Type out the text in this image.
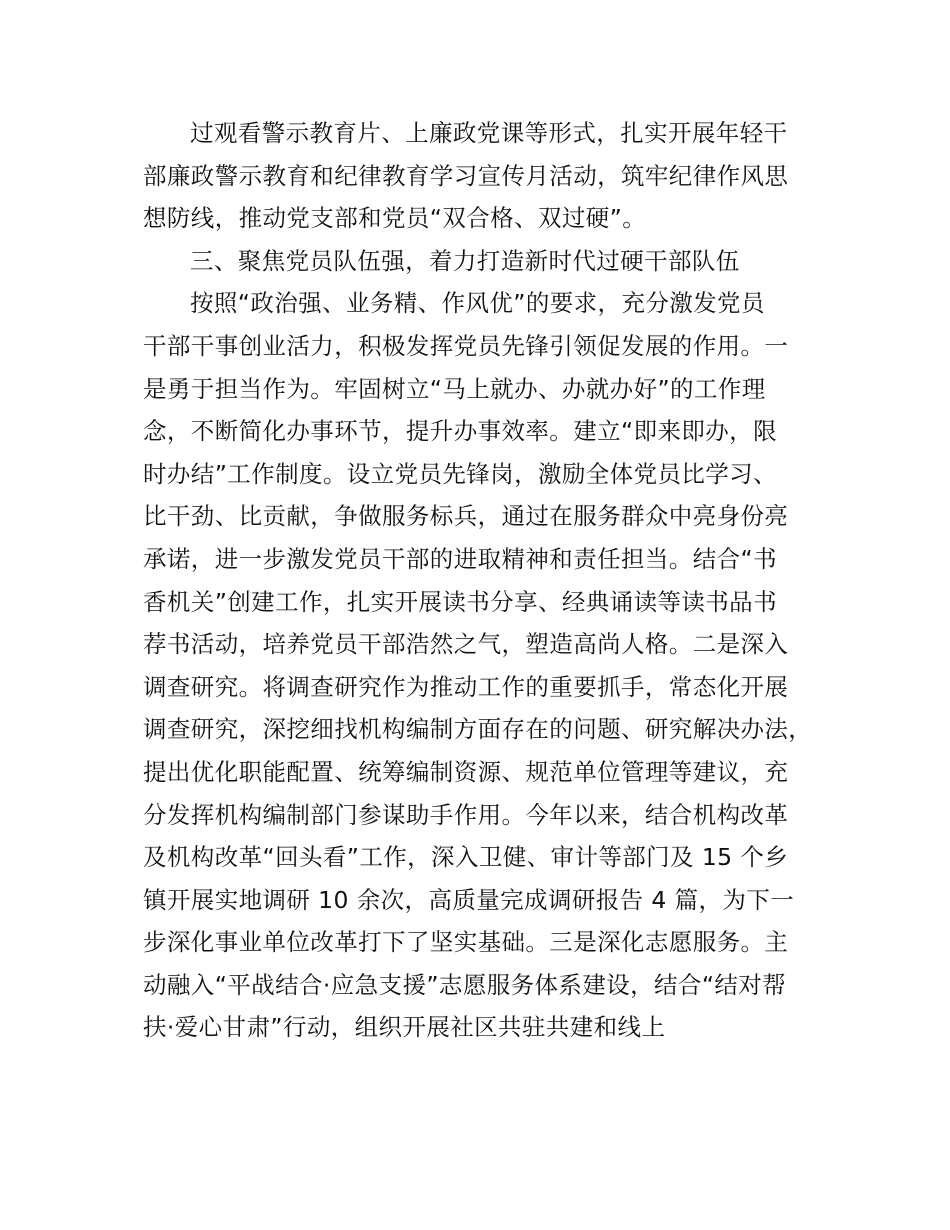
过观看警示教育片、上廉政党课等形式，扎实开展年轻干
部廉政警示教育和纪律教育学习宣传月活动，筑牢纪律作风思
想防线，推动党支部和党员“双合格、双过硬”。

三、聚焦党员队伍强，着力打造新时代过硬干部队伍

按照“政治强、业务精、作风优”的要求，充分激发党员
干部干事创业活力，积极发挥党员先锋引领促发展的作用。一
是勇于担当作为。牢固树立“马上就办、办就办好”的工作理
念，不断简化办事环节，提升办事效率。建立“即来即办，限
时办结”工作制度。设立党员先锋岗，激励全体党员比学习、
比干劲、比贡献，争做服务标兵，通过在服务群众中亮身份亮
承诺，进一步激发党员干部的进取精神和责任担当。结合“书
香机关”创建工作，扎实开展读书分享、经典诵读等读书品书
荐书活动，培养党员干部浩然之气，塑造高尚人格。二是深入
调查研究。将调查研究作为推动工作的重要抓手，常态化开展
调查研究，深挖细找机构编制方面存在的问题、研究解决办法，
提出优化职能配置、统筹编制资源、规范单位管理等建议，充
分发挥机构编制部门参谋助手作用。今年以来，结合机构改革
及机构改革“回头看”工作，深入卫健、审计等部门及 15 个乡
镇开展实地调研 10 余次，高质量完成调研报告 4 篇，为下一
步深化事业单位改革打下了坚实基础。三是深化志愿服务。主
动融入“平战结合·应急支援”志愿服务体系建设，结合“结对帮
扶·爱心甘肃”行动，组织开展社区共驻共建和线上
